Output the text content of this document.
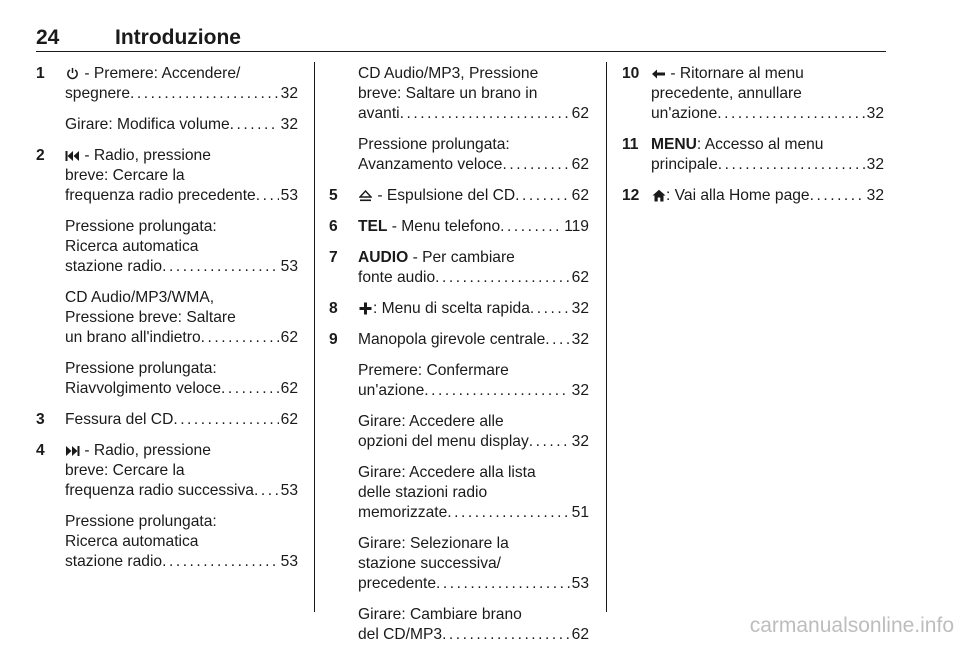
24	Introduzione
1	- Premere: Accendere/
spegnere . . .	32
Girare: Modifica volume . . .	32
2	- Radio, pressione
breve: Cercare la
frequenza radio precedente . . . 53
Pressione prolungata:
Ricerca automatica
stazione radio . . .	53
CD Audio/MP3/WMA,
Pressione breve: Saltare
un brano all'indietro . . .	62
Pressione prolungata:
Riavvolgimento veloce . . .	62
3 Fessura del CD . . .	62
4	- Radio, pressione
breve: Cercare la
frequenza radio successiva . . . 53
Pressione prolungata:
Ricerca automatica
stazione radio . . .	53
CD Audio/MP3, Pressione
breve: Saltare un brano in
avanti . . .	62
Pressione prolungata:
Avanzamento veloce . . .	62
5	- Espulsione del CD . . .	62
6 TEL - Menu telefono . . .	119
7 AUDIO - Per cambiare
fonte audio . . .	62
8	: Menu di scelta rapida . . .	32
9 Manopola girevole centrale . . . 32
Premere: Confermare
un'azione . . .	32
Girare: Accedere alle
opzioni del menu display . . .	32
Girare: Accedere alla lista
delle stazioni radio
memorizzate . . .	51
Girare: Selezionare la
stazione successiva/
precedente . . .	53
Girare: Cambiare brano
del CD/MP3 . . .	62
10	- Ritornare al menu
precedente, annullare
un'azione . . .	32
11 MENU: Accesso al menu
principale . . .	32
12	: Vai alla Home page . . .	32
carmanualsonline.info
